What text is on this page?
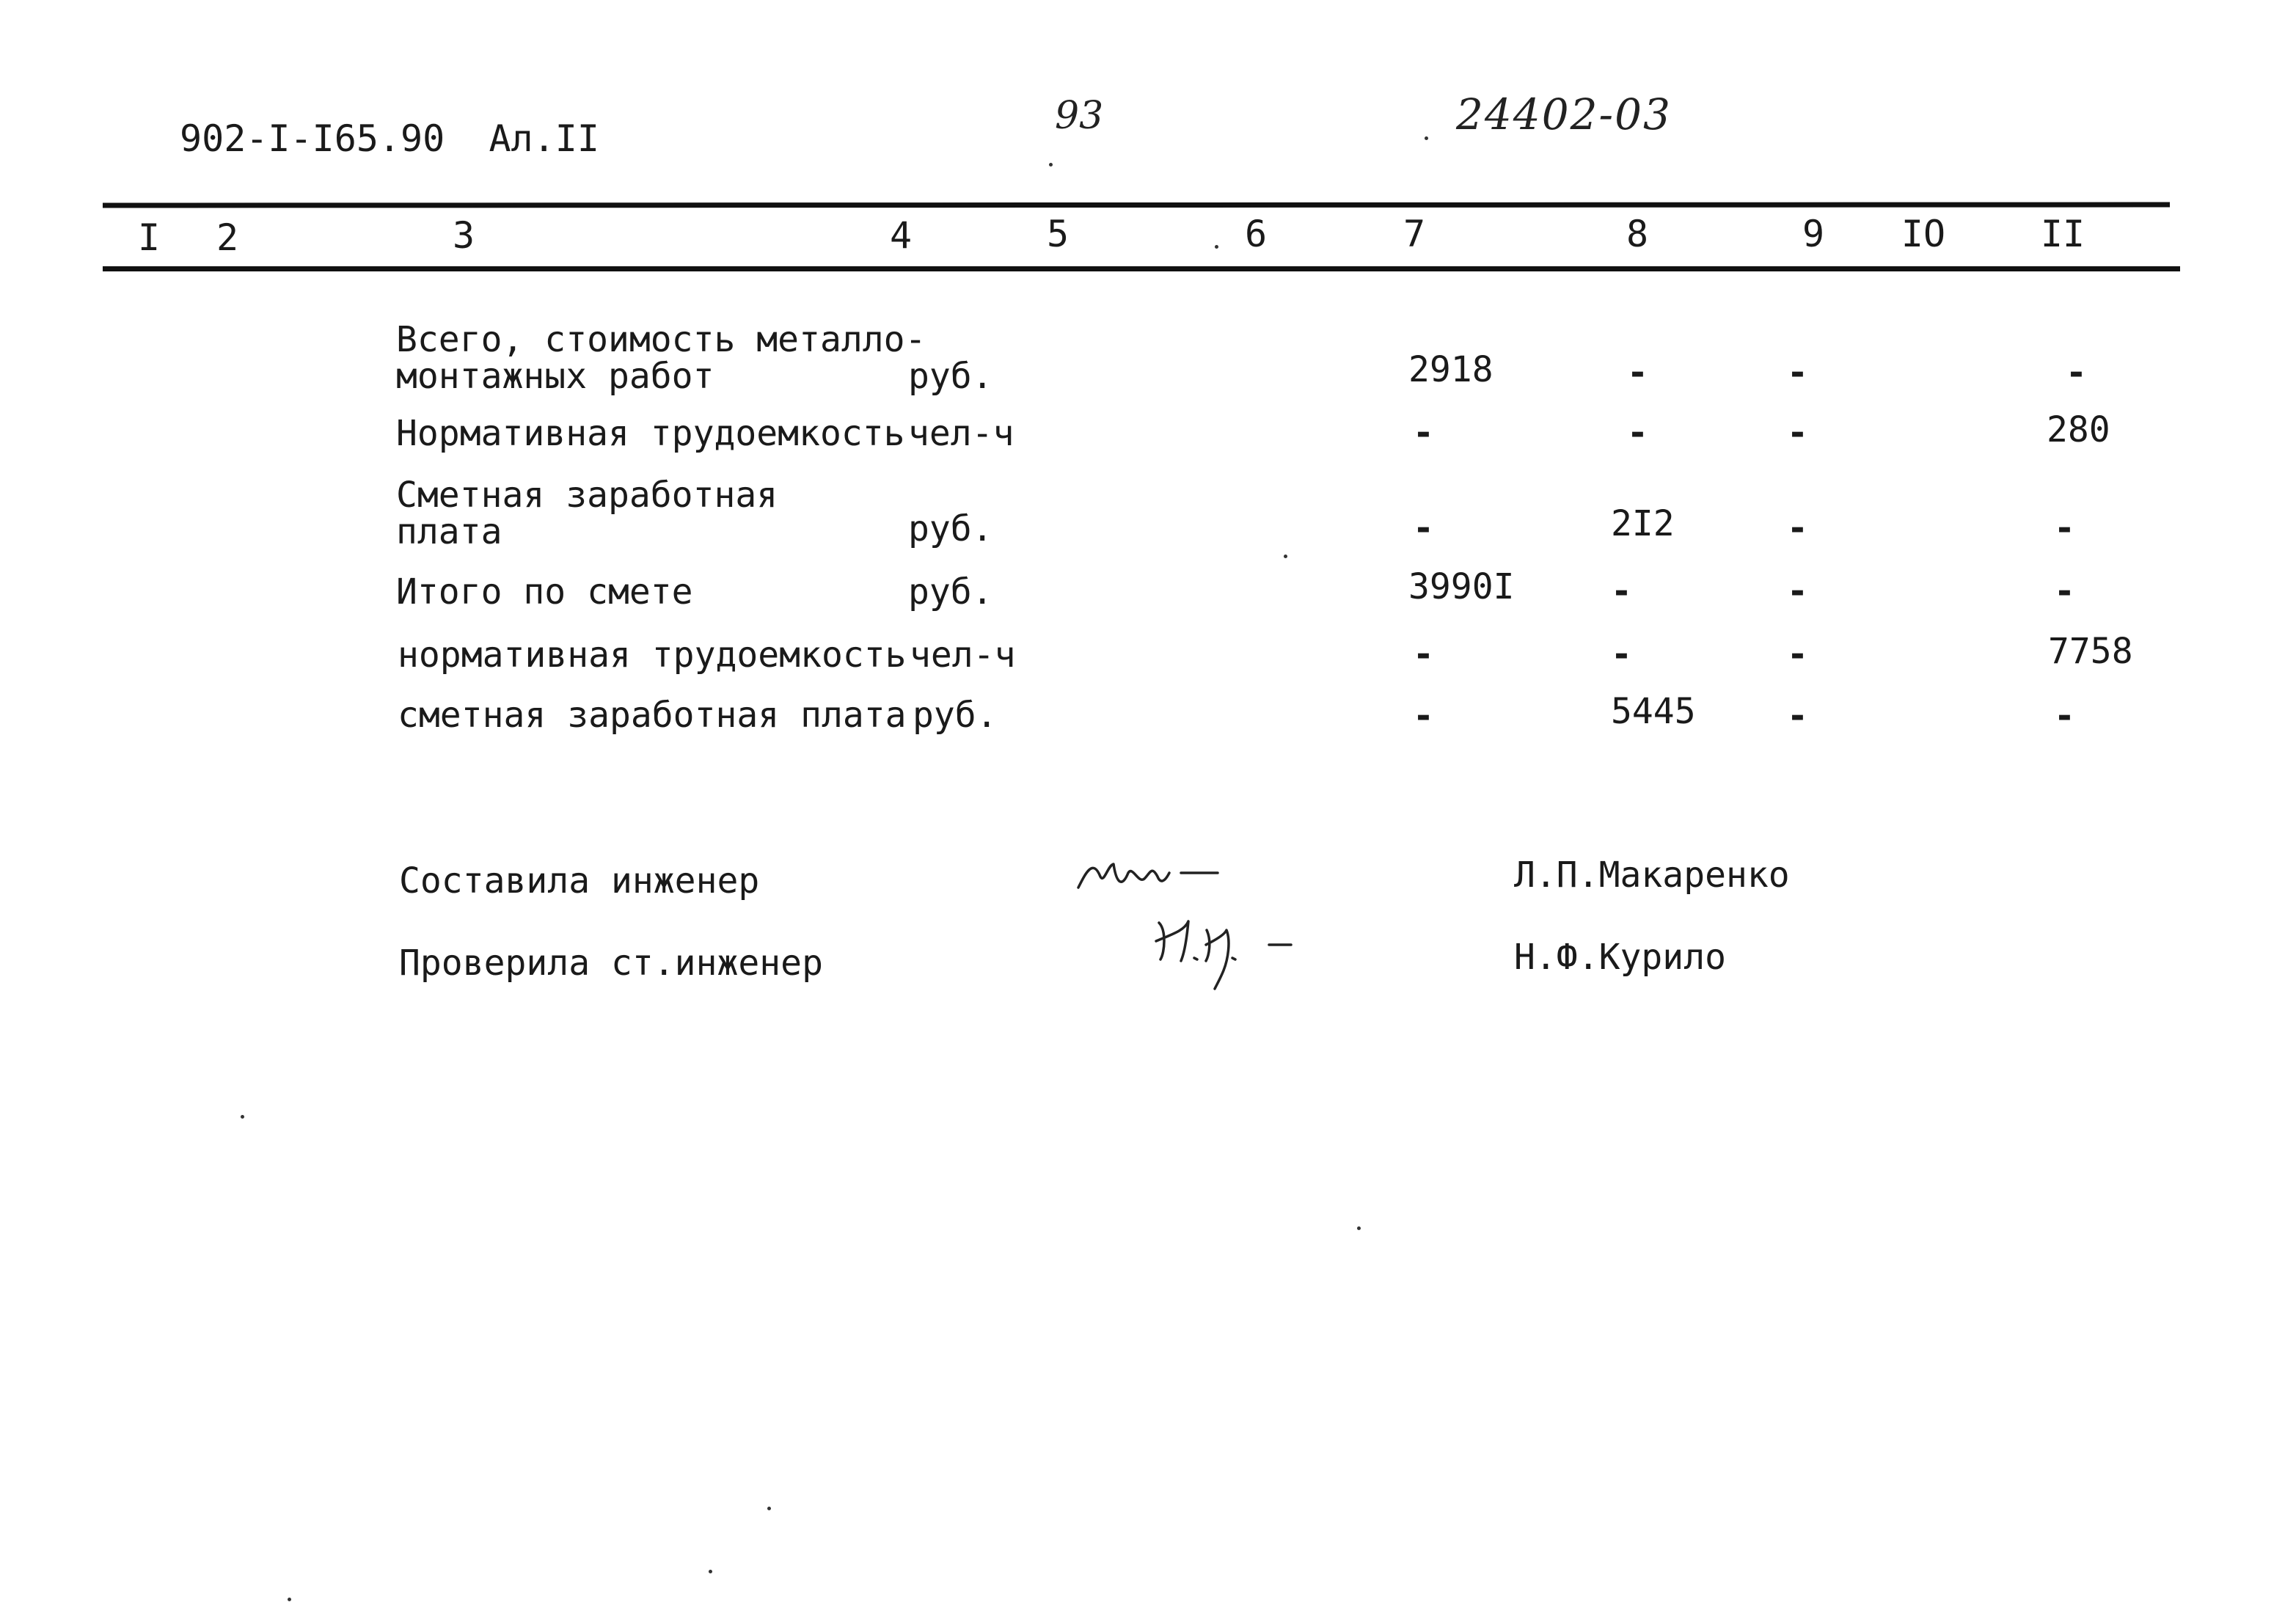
902-I-I65.90 Ал.II
93	24402-03
I 2	3	4	5	6	7	8	9 IO	II
Всего, стоимость металло-
монтажных работ	руб.	2918	-	-	-
Нормативная трудоемкость чел-ч	-	-	-	280
Сметная заработная
плата	руб.	-	2I2	-	-
Итого по смете	руб.	3990I	-	-	-
нормативная трудоемкость чел-ч	-	-	-	7758
сметная заработная плата руб.	-	5445	-	-
Составила инженер	Л.П.Макаренко
Проверила ст.инженер	Н.Ф.Курило
